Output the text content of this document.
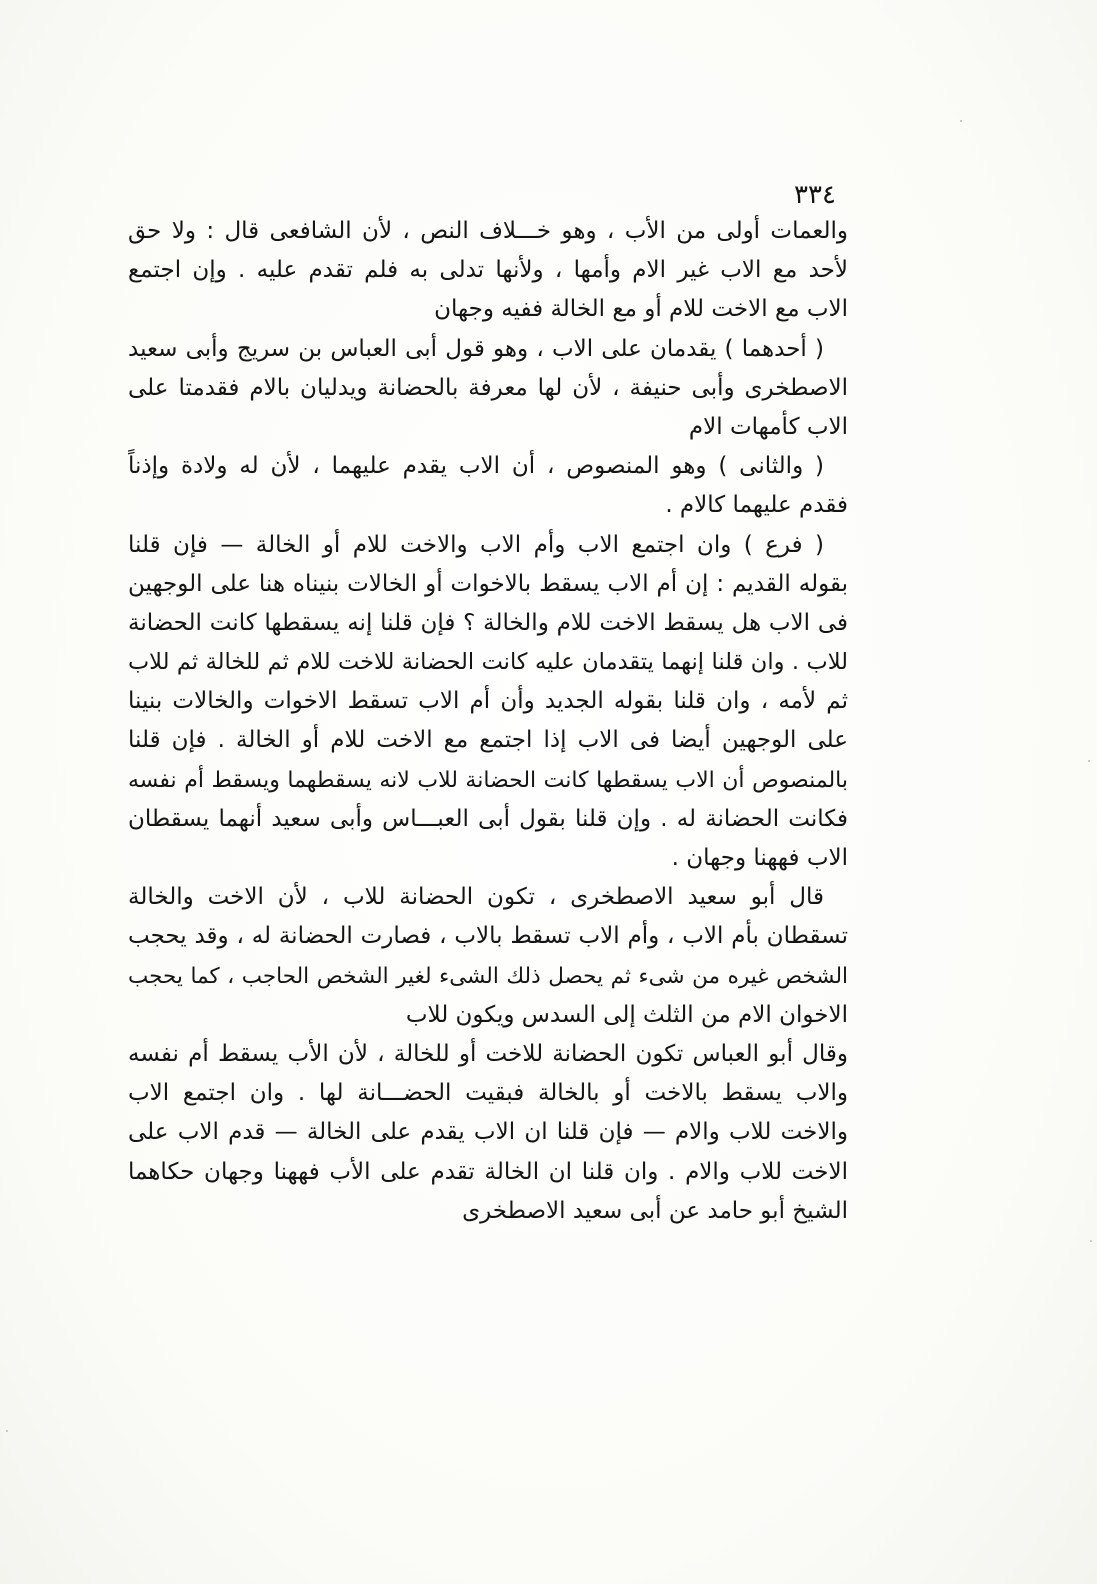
٣٣٤
والعمات أولى من الأب ، وهو خـــلاف النص ، لأن الشافعى قال : ولا حق
لأحد مع الاب غير الام وأمها ، ولأنها تدلى به فلم تقدم عليه . وإن اجتمع
الاب مع الاخت للام أو مع الخالة ففيه وجهان
( أحدهما ) يقدمان على الاب ، وهو قول أبى العباس بن سريج وأبى سعيد
الاصطخرى وأبى حنيفة ، لأن لها معرفة بالحضانة ويدليان بالام فقدمتا على
الاب كأمهات الام
( والثانى ) وهو المنصوص ، أن الاب يقدم عليهما ، لأن له ولادة وإذناً
فقدم عليهما كالام .
( فرع ) وان اجتمع الاب وأم الاب والاخت للام أو الخالة — فإن قلنا
بقوله القديم : إن أم الاب يسقط بالاخوات أو الخالات بنيناه هنا على الوجهين
فى الاب هل يسقط الاخت للام والخالة ؟ فإن قلنا إنه يسقطها كانت الحضانة
للاب . وان قلنا إنهما يتقدمان عليه كانت الحضانة للاخت للام ثم للخالة ثم للاب
ثم لأمه ، وان قلنا بقوله الجديد وأن أم الاب تسقط الاخوات والخالات بنينا
على الوجهين أيضا فى الاب إذا اجتمع مع الاخت للام أو الخالة . فإن قلنا
بالمنصوص أن الاب يسقطها كانت الحضانة للاب لانه يسقطهما ويسقط أم نفسه
فكانت الحضانة له . وإن قلنا بقول أبى العبـــاس وأبى سعيد أنهما يسقطان
الاب فههنا وجهان .
قال أبو سعيد الاصطخرى ، تكون الحضانة للاب ، لأن الاخت والخالة
تسقطان بأم الاب ، وأم الاب تسقط بالاب ، فصارت الحضانة له ، وقد يحجب
الشخص غيره من شىء ثم يحصل ذلك الشىء لغير الشخص الحاجب ، كما يحجب
الاخوان الام من الثلث إلى السدس ويكون للاب
وقال أبو العباس تكون الحضانة للاخت أو للخالة ، لأن الأب يسقط أم نفسه
والاب يسقط بالاخت أو بالخالة فبقيت الحضـــانة لها . وان اجتمع الاب
والاخت للاب والام — فإن قلنا ان الاب يقدم على الخالة — قدم الاب على
الاخت للاب والام . وان قلنا ان الخالة تقدم على الأب فههنا وجهان حكاهما
الشيخ أبو حامد عن أبى سعيد الاصطخرى
